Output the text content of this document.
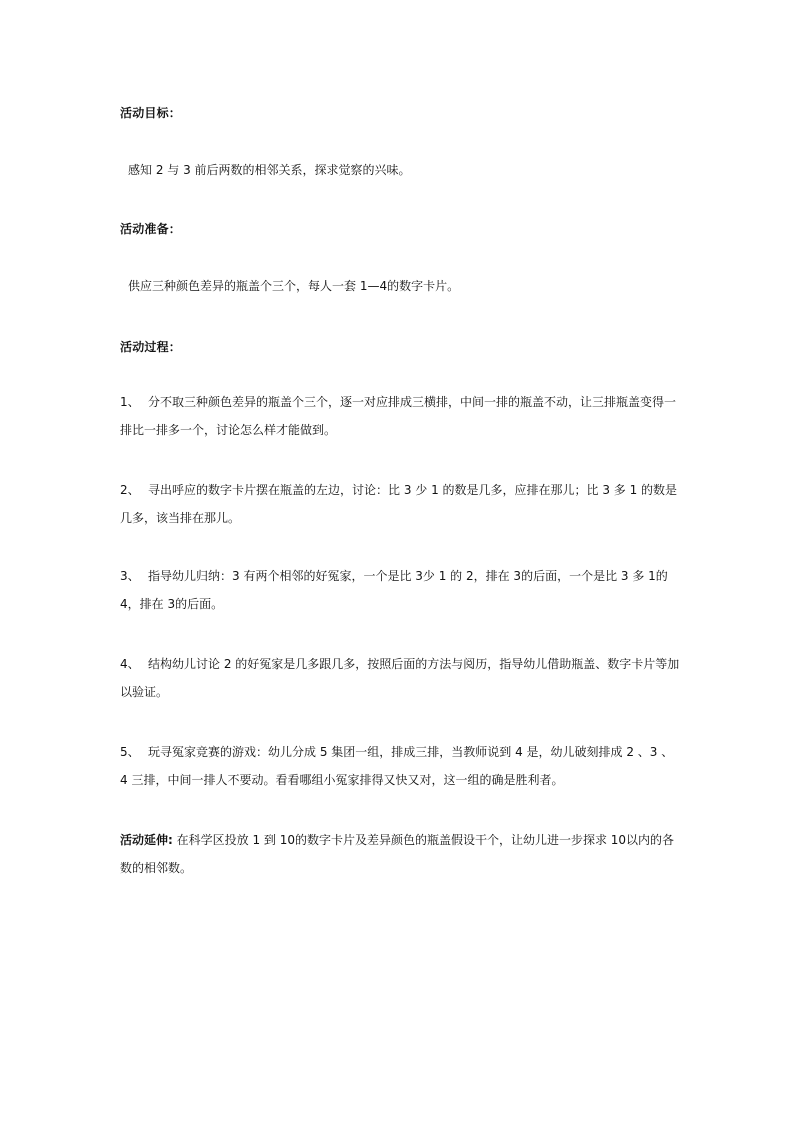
活动目标：
感知 2 与 3 前后两数的相邻关系，探求觉察的兴味。
活动准备：
供应三种颜色差异的瓶盖个三个，每人一套 1—4的数字卡片。
活动过程：
1、 分不取三种颜色差异的瓶盖个三个，逐一对应排成三横排，中间一排的瓶盖不动，让三排瓶盖变得一排比一排多一个，讨论怎么样才能做到。
2、 寻出呼应的数字卡片摆在瓶盖的左边，讨论：比 3 少 1 的数是几多，应排在那儿；比 3 多 1 的数是几多，该当排在那儿。
3、 指导幼儿归纳：3 有两个相邻的好冤家，一个是比 3少 1 的 2，排在 3的后面，一个是比 3 多 1的 4，排在 3的后面。
4、 结构幼儿讨论 2 的好冤家是几多跟几多，按照后面的方法与阅历，指导幼儿借助瓶盖、数字卡片等加以验证。
5、 玩寻冤家竞赛的游戏：幼儿分成 5 集团一组，排成三排，当教师说到 4 是，幼儿破刻排成 2 、3 、4 三排，中间一排人不要动。看看哪组小冤家排得又快又对，这一组的确是胜利者。
活动延伸: 在科学区投放 1 到 10的数字卡片及差异颜色的瓶盖假设干个，让幼儿进一步探求 10以内的各数的相邻数。
